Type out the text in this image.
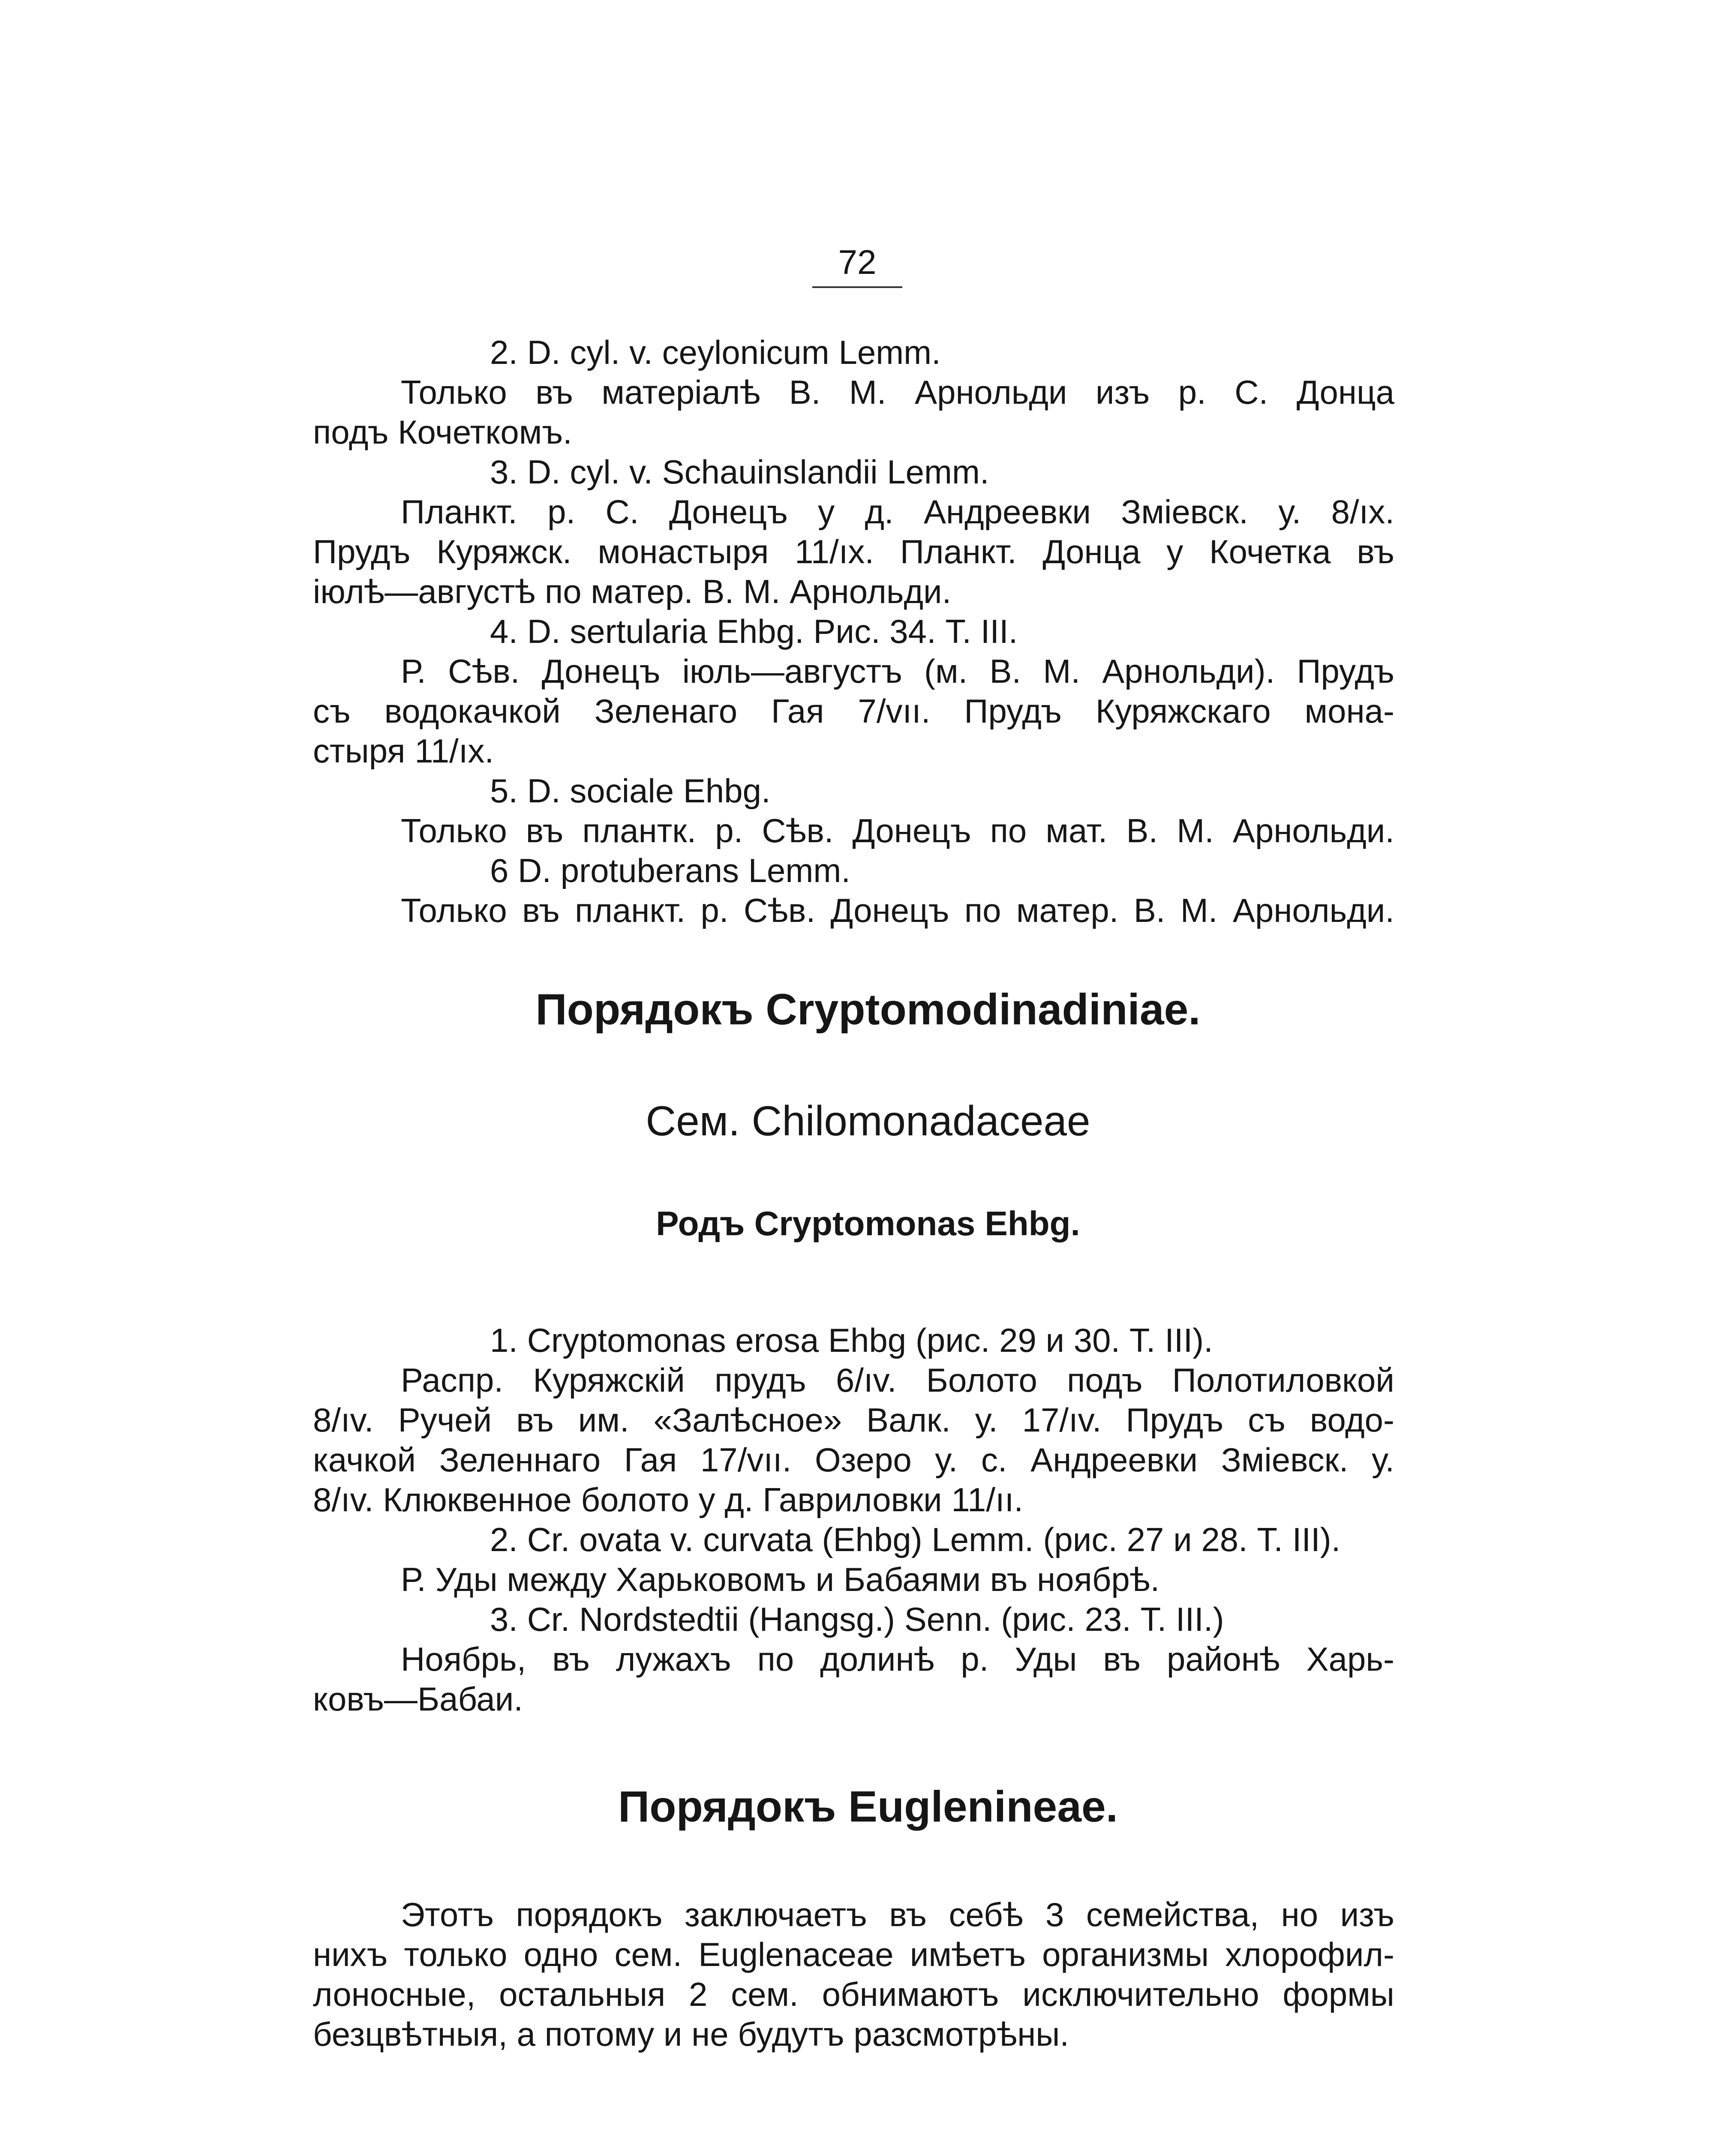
72
2. D. cyl. v. ceylonicum Lemm.
Только въ матеріалѣ В. М. Арнольди изъ р. С. Донца
подъ Кочеткомъ.
3. D. cyl. v. Schauinslandii Lemm.
Планкт. р. С. Донецъ у д. Андреевки Зміевск. у. 8/ıx.
Прудъ Куряжск. монастыря 11/ıx. Планкт. Донца у Кочетка въ
іюлѣ—августѣ по матер. В. М. Арнольди.
4. D. sertularia Ehbg. Рис. 34. T. III.
Р. Сѣв. Донецъ іюль—августъ (м. В. М. Арнольди). Прудъ
съ водокачкой Зеленаго Гая 7/vıı. Прудъ Куряжскаго мона-
стыря 11/ıx.
5. D. sociale Ehbg.
Только въ плантк. р. Сѣв. Донецъ по мат. В. М. Арнольди.
6 D. protuberans Lemm.
Только въ планкт. р. Сѣв. Донецъ по матер. В. М. Арнольди.
Порядокъ Cryptomodinadiniae.
Сем. Chilomonadaceae
Родъ Cryptomonas Ehbg.
1. Cryptomonas erosa Ehbg (рис. 29 и 30. T. III).
Распр. Куряжскій прудъ 6/ıv. Болото подъ Полотиловкой
8/ıv. Ручей въ им. «Залѣсное» Валк. у. 17/ıv. Прудъ съ водо-
качкой Зеленнаго Гая 17/vıı. Озеро у. с. Андреевки Зміевск. у.
8/ıv. Клюквенное болото у д. Гавриловки 11/ıı.
2. Cr. ovata v. curvata (Ehbg) Lemm. (рис. 27 и 28. T. III).
Р. Уды между Харьковомъ и Бабаями въ ноябрѣ.
3. Cr. Nordstedtii (Hangsg.) Senn. (рис. 23. T. III.)
Ноябрь, въ лужахъ по долинѣ р. Уды въ районѣ Харь-
ковъ—Бабаи.
Порядокъ Euglenineae.
Этотъ порядокъ заключаетъ въ себѣ 3 семейства, но изъ
нихъ только одно сем. Euglenaceae имѣетъ организмы хлорофил-
лоносные, остальныя 2 сем. обнимаютъ исключительно формы
безцвѣтныя, а потому и не будутъ разсмотрѣны.
